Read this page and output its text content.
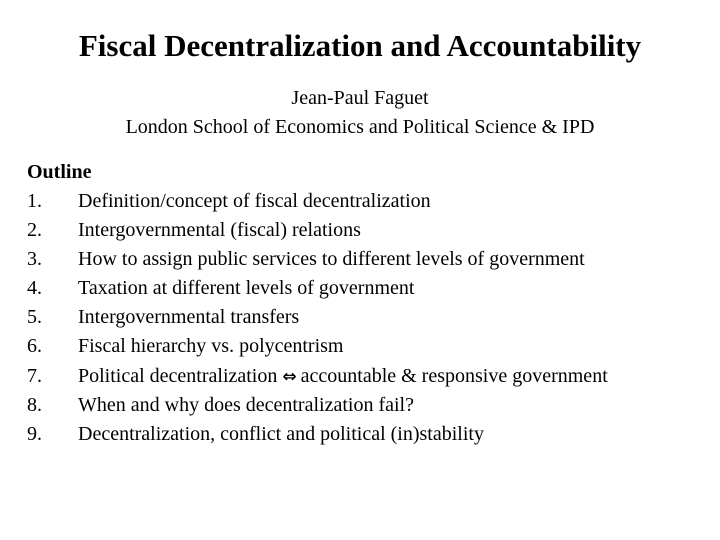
Fiscal Decentralization and Accountability
Jean-Paul Faguet
London School of Economics and Political Science & IPD
Outline
1. Definition/concept of fiscal decentralization
2. Intergovernmental (fiscal) relations
3. How to assign public services to different levels of government
4. Taxation at different levels of government
5. Intergovernmental transfers
6. Fiscal hierarchy vs. polycentrism
7. Political decentralization ⇔ accountable & responsive government
8. When and why does decentralization fail?
9. Decentralization, conflict and political (in)stability
